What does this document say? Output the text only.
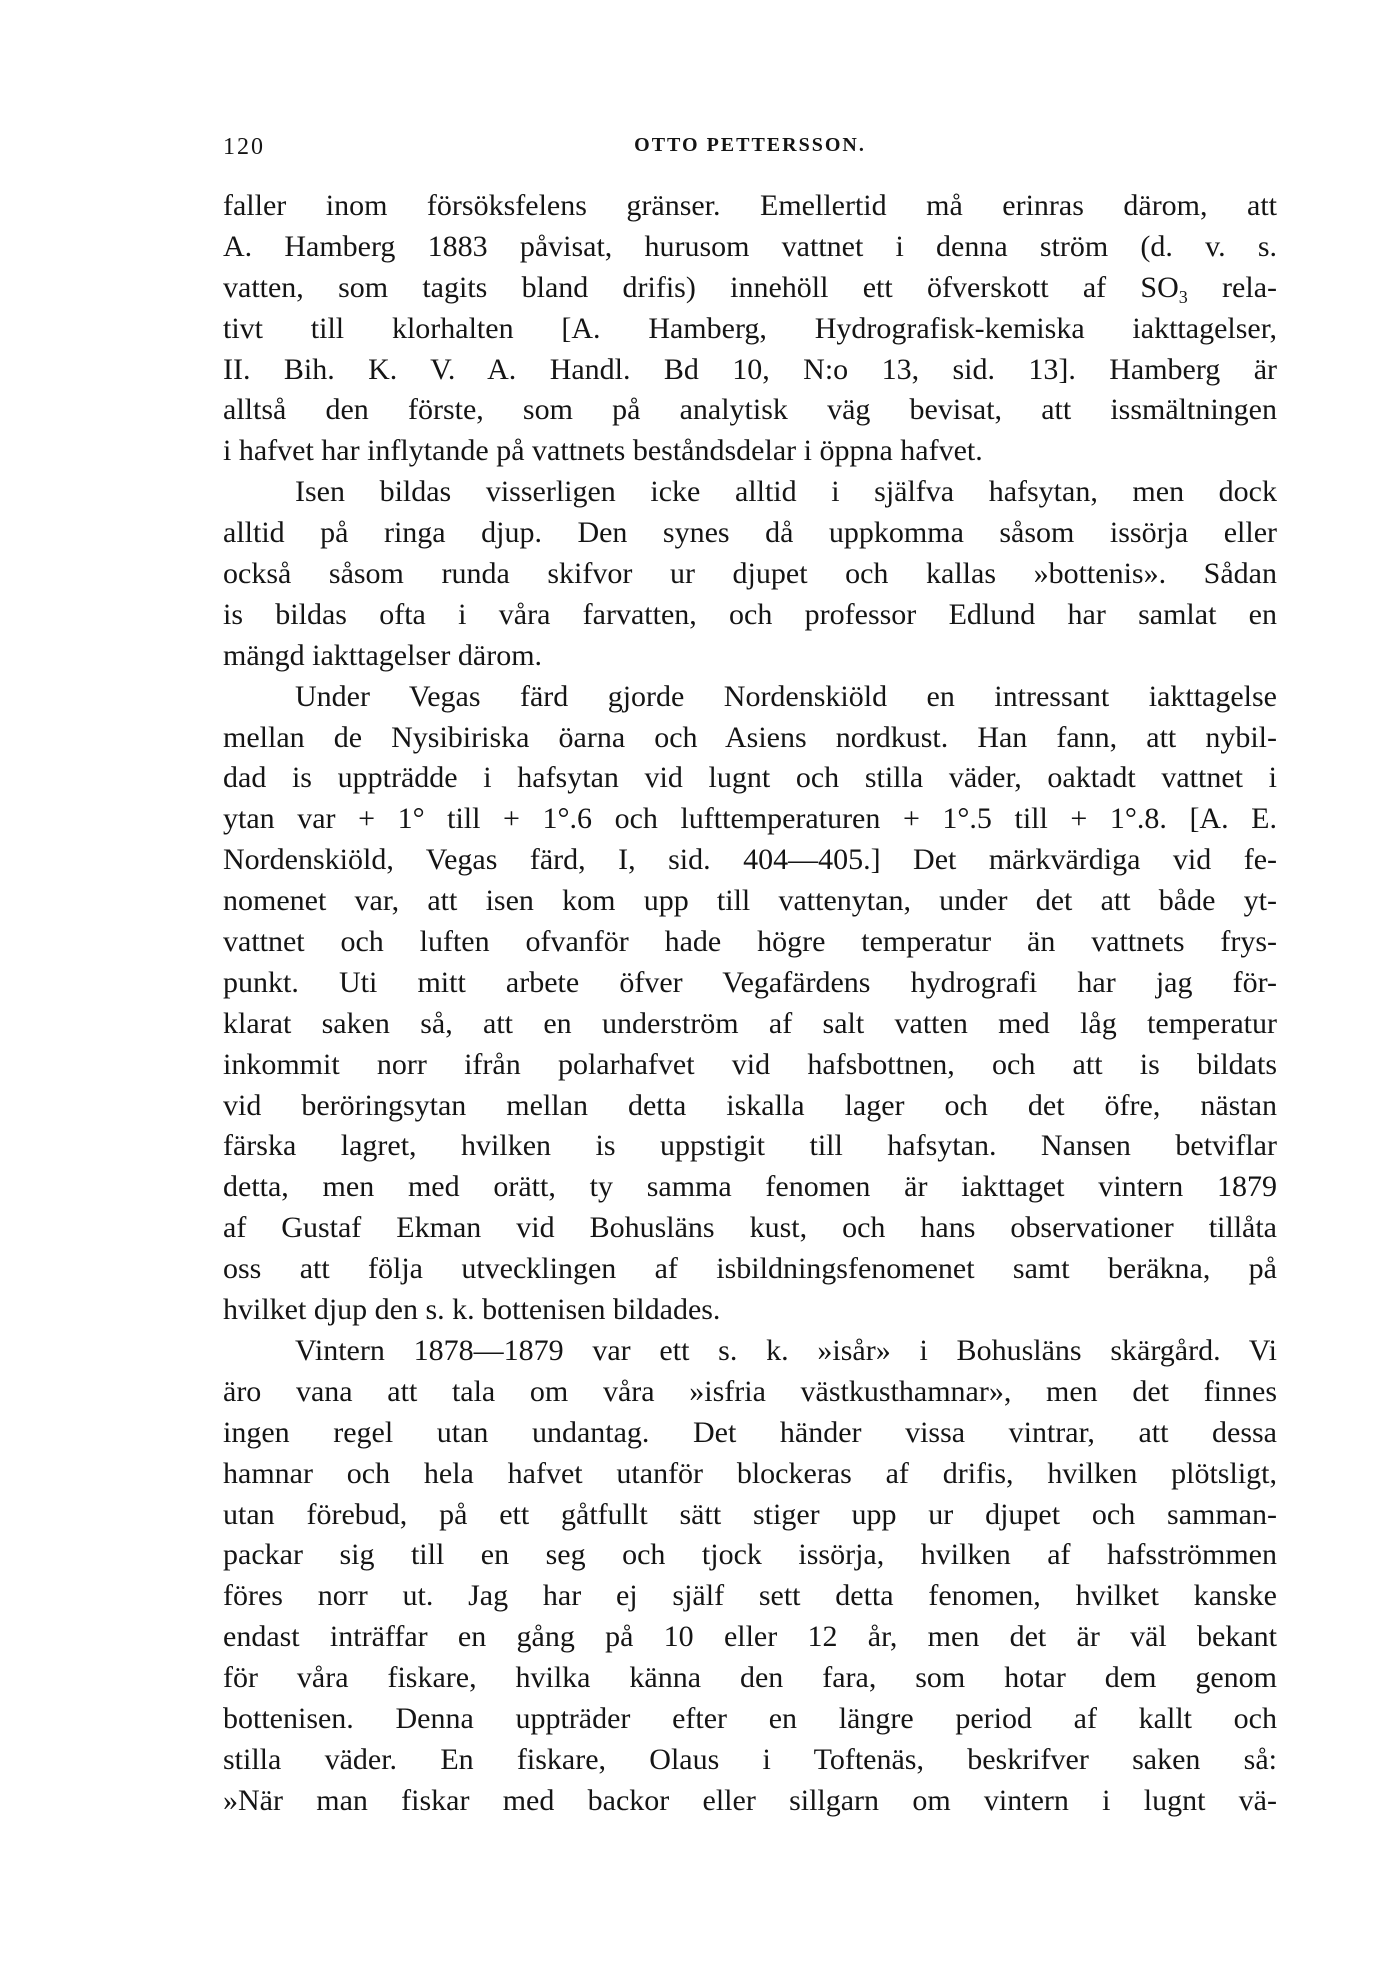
120	OTTO PETTERSSON.
faller inom försöksfelens gränser. Emellertid må erinras därom, att
A. Hamberg 1883 påvisat, hurusom vattnet i denna ström (d. v. s.
vatten, som tagits bland drifis) innehöll ett öfverskott af $SO_3$ rela-
tivt till klorhalten [A. Hamberg, Hydrografisk-kemiska iakttagelser,
II. Bih. K. V. A. Handl. Bd 10, N:o 13, sid. 13]. Hamberg är
alltså den förste, som på analytisk väg bevisat, att issmältningen
i hafvet har inflytande på vattnets beståndsdelar i öppna hafvet.
Isen bildas visserligen icke alltid i själfva hafsytan, men dock
alltid på ringa djup. Den synes då uppkomma såsom issörja eller
också såsom runda skifvor ur djupet och kallas »bottenis». Sådan
is bildas ofta i våra farvatten, och professor Edlund har samlat en
mängd iakttagelser därom.
Under Vegas färd gjorde Nordenskiöld en intressant iakttagelse
mellan de Nysibiriska öarna och Asiens nordkust. Han fann, att nybil-
dad is uppträdde i hafsytan vid lugnt och stilla väder, oaktadt vattnet i
ytan var + 1° till + 1°.6 och lufttemperaturen + 1°.5 till + 1°.8. [A. E.
Nordenskiöld, Vegas färd, I, sid. 404—405.] Det märkvärdiga vid fe-
nomenet var, att isen kom upp till vattenytan, under det att både yt-
vattnet och luften ofvanför hade högre temperatur än vattnets frys-
punkt. Uti mitt arbete öfver Vegafärdens hydrografi har jag för-
klarat saken så, att en underström af salt vatten med låg temperatur
inkommit norr ifrån polarhafvet vid hafsbottnen, och att is bildats
vid beröringsytan mellan detta iskalla lager och det öfre, nästan
färska lagret, hvilken is uppstigit till hafsytan. Nansen betviflar
detta, men med orätt, ty samma fenomen är iakttaget vintern 1879
af Gustaf Ekman vid Bohusläns kust, och hans observationer tillåta
oss att följa utvecklingen af isbildningsfenomenet samt beräkna, på
hvilket djup den s. k. bottenisen bildades.
Vintern 1878—1879 var ett s. k. »isår» i Bohusläns skärgård. Vi
äro vana att tala om våra »isfria västkusthamnar», men det finnes
ingen regel utan undantag. Det händer vissa vintrar, att dessa
hamnar och hela hafvet utanför blockeras af drifis, hvilken plötsligt,
utan förebud, på ett gåtfullt sätt stiger upp ur djupet och samman-
packar sig till en seg och tjock issörja, hvilken af hafsströmmen
föres norr ut. Jag har ej själf sett detta fenomen, hvilket kanske
endast inträffar en gång på 10 eller 12 år, men det är väl bekant
för våra fiskare, hvilka känna den fara, som hotar dem genom
bottenisen. Denna uppträder efter en längre period af kallt och
stilla väder. En fiskare, Olaus i Toftenäs, beskrifver saken så:
»När man fiskar med backor eller sillgarn om vintern i lugnt vä-
